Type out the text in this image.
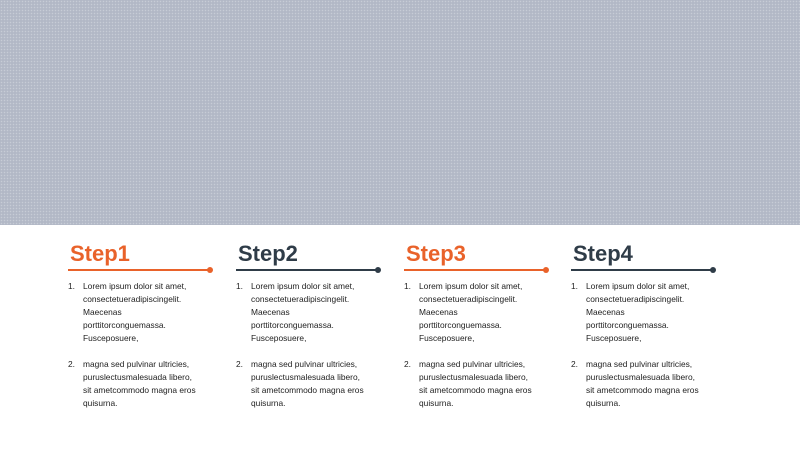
Step1
1. Lorem ipsum dolor sit amet,
consectetueradipiscingelit.
Maecenas
porttitorconguemassa.
Fusceposuere,
2. magna sed pulvinar ultricies,
puruslectusmalesuada libero,
sit ametcommodo magna eros
quisurna.
Step2
1. Lorem ipsum dolor sit amet,
consectetueradipiscingelit.
Maecenas
porttitorconguemassa.
Fusceposuere,
2. magna sed pulvinar ultricies,
puruslectusmalesuada libero,
sit ametcommodo magna eros
quisurna.
Step3
1. Lorem ipsum dolor sit amet,
consectetueradipiscingelit.
Maecenas
porttitorconguemassa.
Fusceposuere,
2. magna sed pulvinar ultricies,
puruslectusmalesuada libero,
sit ametcommodo magna eros
quisurna.
Step4
1. Lorem ipsum dolor sit amet,
consectetueradipiscingelit.
Maecenas
porttitorconguemassa.
Fusceposuere,
2. magna sed pulvinar ultricies,
puruslectusmalesuada libero,
sit ametcommodo magna eros
quisurna.
